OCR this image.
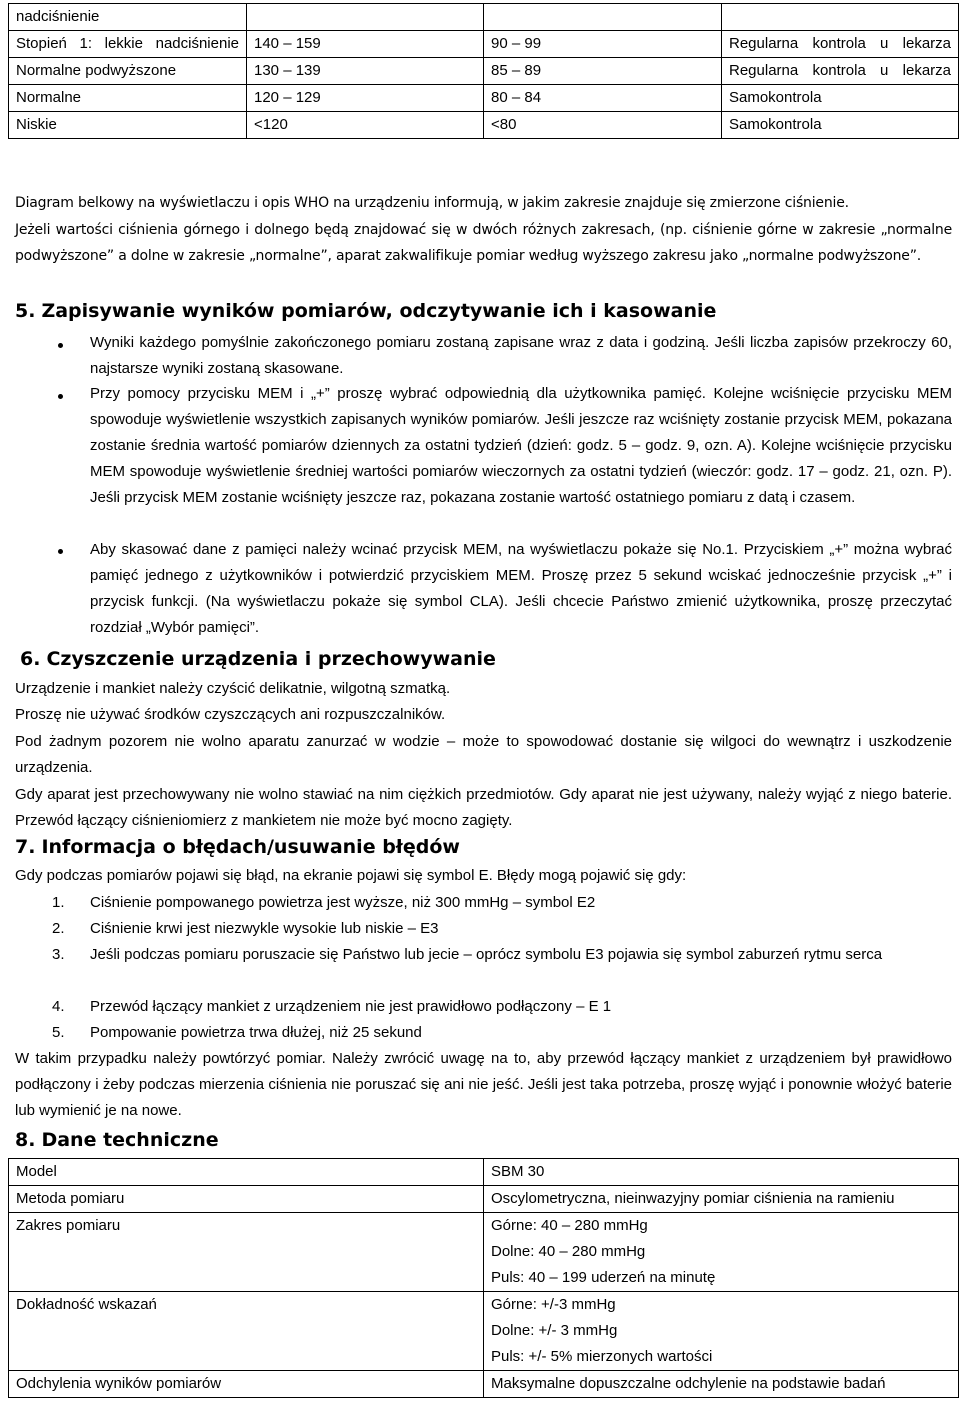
nadciśnienie			
Stopień 1: lekkie nadciśnienie	140 – 159	90 – 99	Regularna kontrola u lekarza
Normalne podwyższone	130 – 139	85 – 89	Regularna kontrola u lekarza
Normalne	120 – 129	80 – 84	Samokontrola
Niskie	<120	<80	Samokontrola
Diagram belkowy na wyświetlaczu i opis WHO na urządzeniu informują, w jakim zakresie znajduje się zmierzone ciśnienie.
Jeżeli wartości ciśnienia górnego i dolnego będą znajdować się w dwóch różnych zakresach, (np. ciśnienie górne w zakresie „normalne podwyższone” a dolne w zakresie „normalne”, aparat zakwalifikuje pomiar według wyższego zakresu jako „normalne podwyższone”.
5. Zapisywanie wyników pomiarów, odczytywanie ich i kasowanie
Wyniki każdego pomyślnie zakończonego pomiaru zostaną zapisane wraz z data i godziną. Jeśli liczba zapisów przekroczy 60, najstarsze wyniki zostaną skasowane.
Przy pomocy przycisku MEM i „+” proszę wybrać odpowiednią dla użytkownika pamięć. Kolejne wciśnięcie przycisku MEM spowoduje wyświetlenie wszystkich zapisanych wyników pomiarów. Jeśli jeszcze raz wciśnięty zostanie przycisk MEM, pokazana zostanie średnia wartość pomiarów dziennych za ostatni tydzień (dzień: godz. 5 – godz. 9, ozn. A). Kolejne wciśnięcie przycisku MEM spowoduje wyświetlenie średniej wartości pomiarów wieczornych za ostatni tydzień (wieczór: godz. 17 – godz. 21, ozn. P). Jeśli przycisk MEM zostanie wciśnięty jeszcze raz, pokazana zostanie wartość ostatniego pomiaru z datą i czasem.
Aby skasować dane z pamięci należy wcinać przycisk MEM, na wyświetlaczu pokaże się No.1. Przyciskiem „+” można wybrać pamięć jednego z użytkowników i potwierdzić przyciskiem MEM. Proszę przez 5 sekund wciskać jednocześnie przycisk „+” i przycisk funkcji. (Na wyświetlaczu pokaże się symbol CLA). Jeśli chcecie Państwo zmienić użytkownika, proszę przeczytać rozdział „Wybór pamięci”.
6. Czyszczenie urządzenia i przechowywanie
Urządzenie i mankiet należy czyścić delikatnie, wilgotną szmatką.
Proszę nie używać środków czyszczących ani rozpuszczalników.
Pod żadnym pozorem nie wolno aparatu zanurzać w wodzie – może to spowodować dostanie się wilgoci do wewnątrz i uszkodzenie urządzenia.
Gdy aparat jest przechowywany nie wolno stawiać na nim ciężkich przedmiotów. Gdy aparat nie jest używany, należy wyjąć z niego baterie. Przewód łączący ciśnieniomierz z mankietem nie może być mocno zagięty.
7. Informacja o błędach/usuwanie błędów
Gdy podczas pomiarów pojawi się błąd, na ekranie pojawi się symbol E. Błędy mogą pojawić się gdy:
1.	Ciśnienie pompowanego powietrza jest wyższe, niż 300 mmHg – symbol E2
2.	Ciśnienie krwi jest niezwykle wysokie lub niskie – E3
3.	Jeśli podczas pomiaru poruszacie się Państwo lub jecie – oprócz symbolu E3 pojawia się symbol zaburzeń rytmu serca
4.	Przewód łączący mankiet z urządzeniem nie jest prawidłowo podłączony – E 1
5.	Pompowanie powietrza trwa dłużej, niż 25 sekund
W takim przypadku należy powtórzyć pomiar. Należy zwrócić uwagę na to, aby przewód łączący mankiet z urządzeniem był prawidłowo podłączony i żeby podczas mierzenia ciśnienia nie poruszać się ani nie jeść. Jeśli jest taka potrzeba, proszę wyjąć i ponownie włożyć baterie lub wymienić je na nowe.
8. Dane techniczne
Model	SBM 30

Metoda pomiaru	Oscylometryczna, nieinwazyjny pomiar ciśnienia na ramieniu

Zakres pomiaru	Górne: 40 – 280 mmHg
Dolne: 40 – 280 mmHg
Puls: 40 – 199 uderzeń na minutę

Dokładność wskazań	Górne: +/-3 mmHg
Dolne: +/- 3 mmHg
Puls: +/- 5% mierzonych wartości

Odchylenia wyników pomiarów	Maksymalne dopuszczalne odchylenie na podstawie badań
